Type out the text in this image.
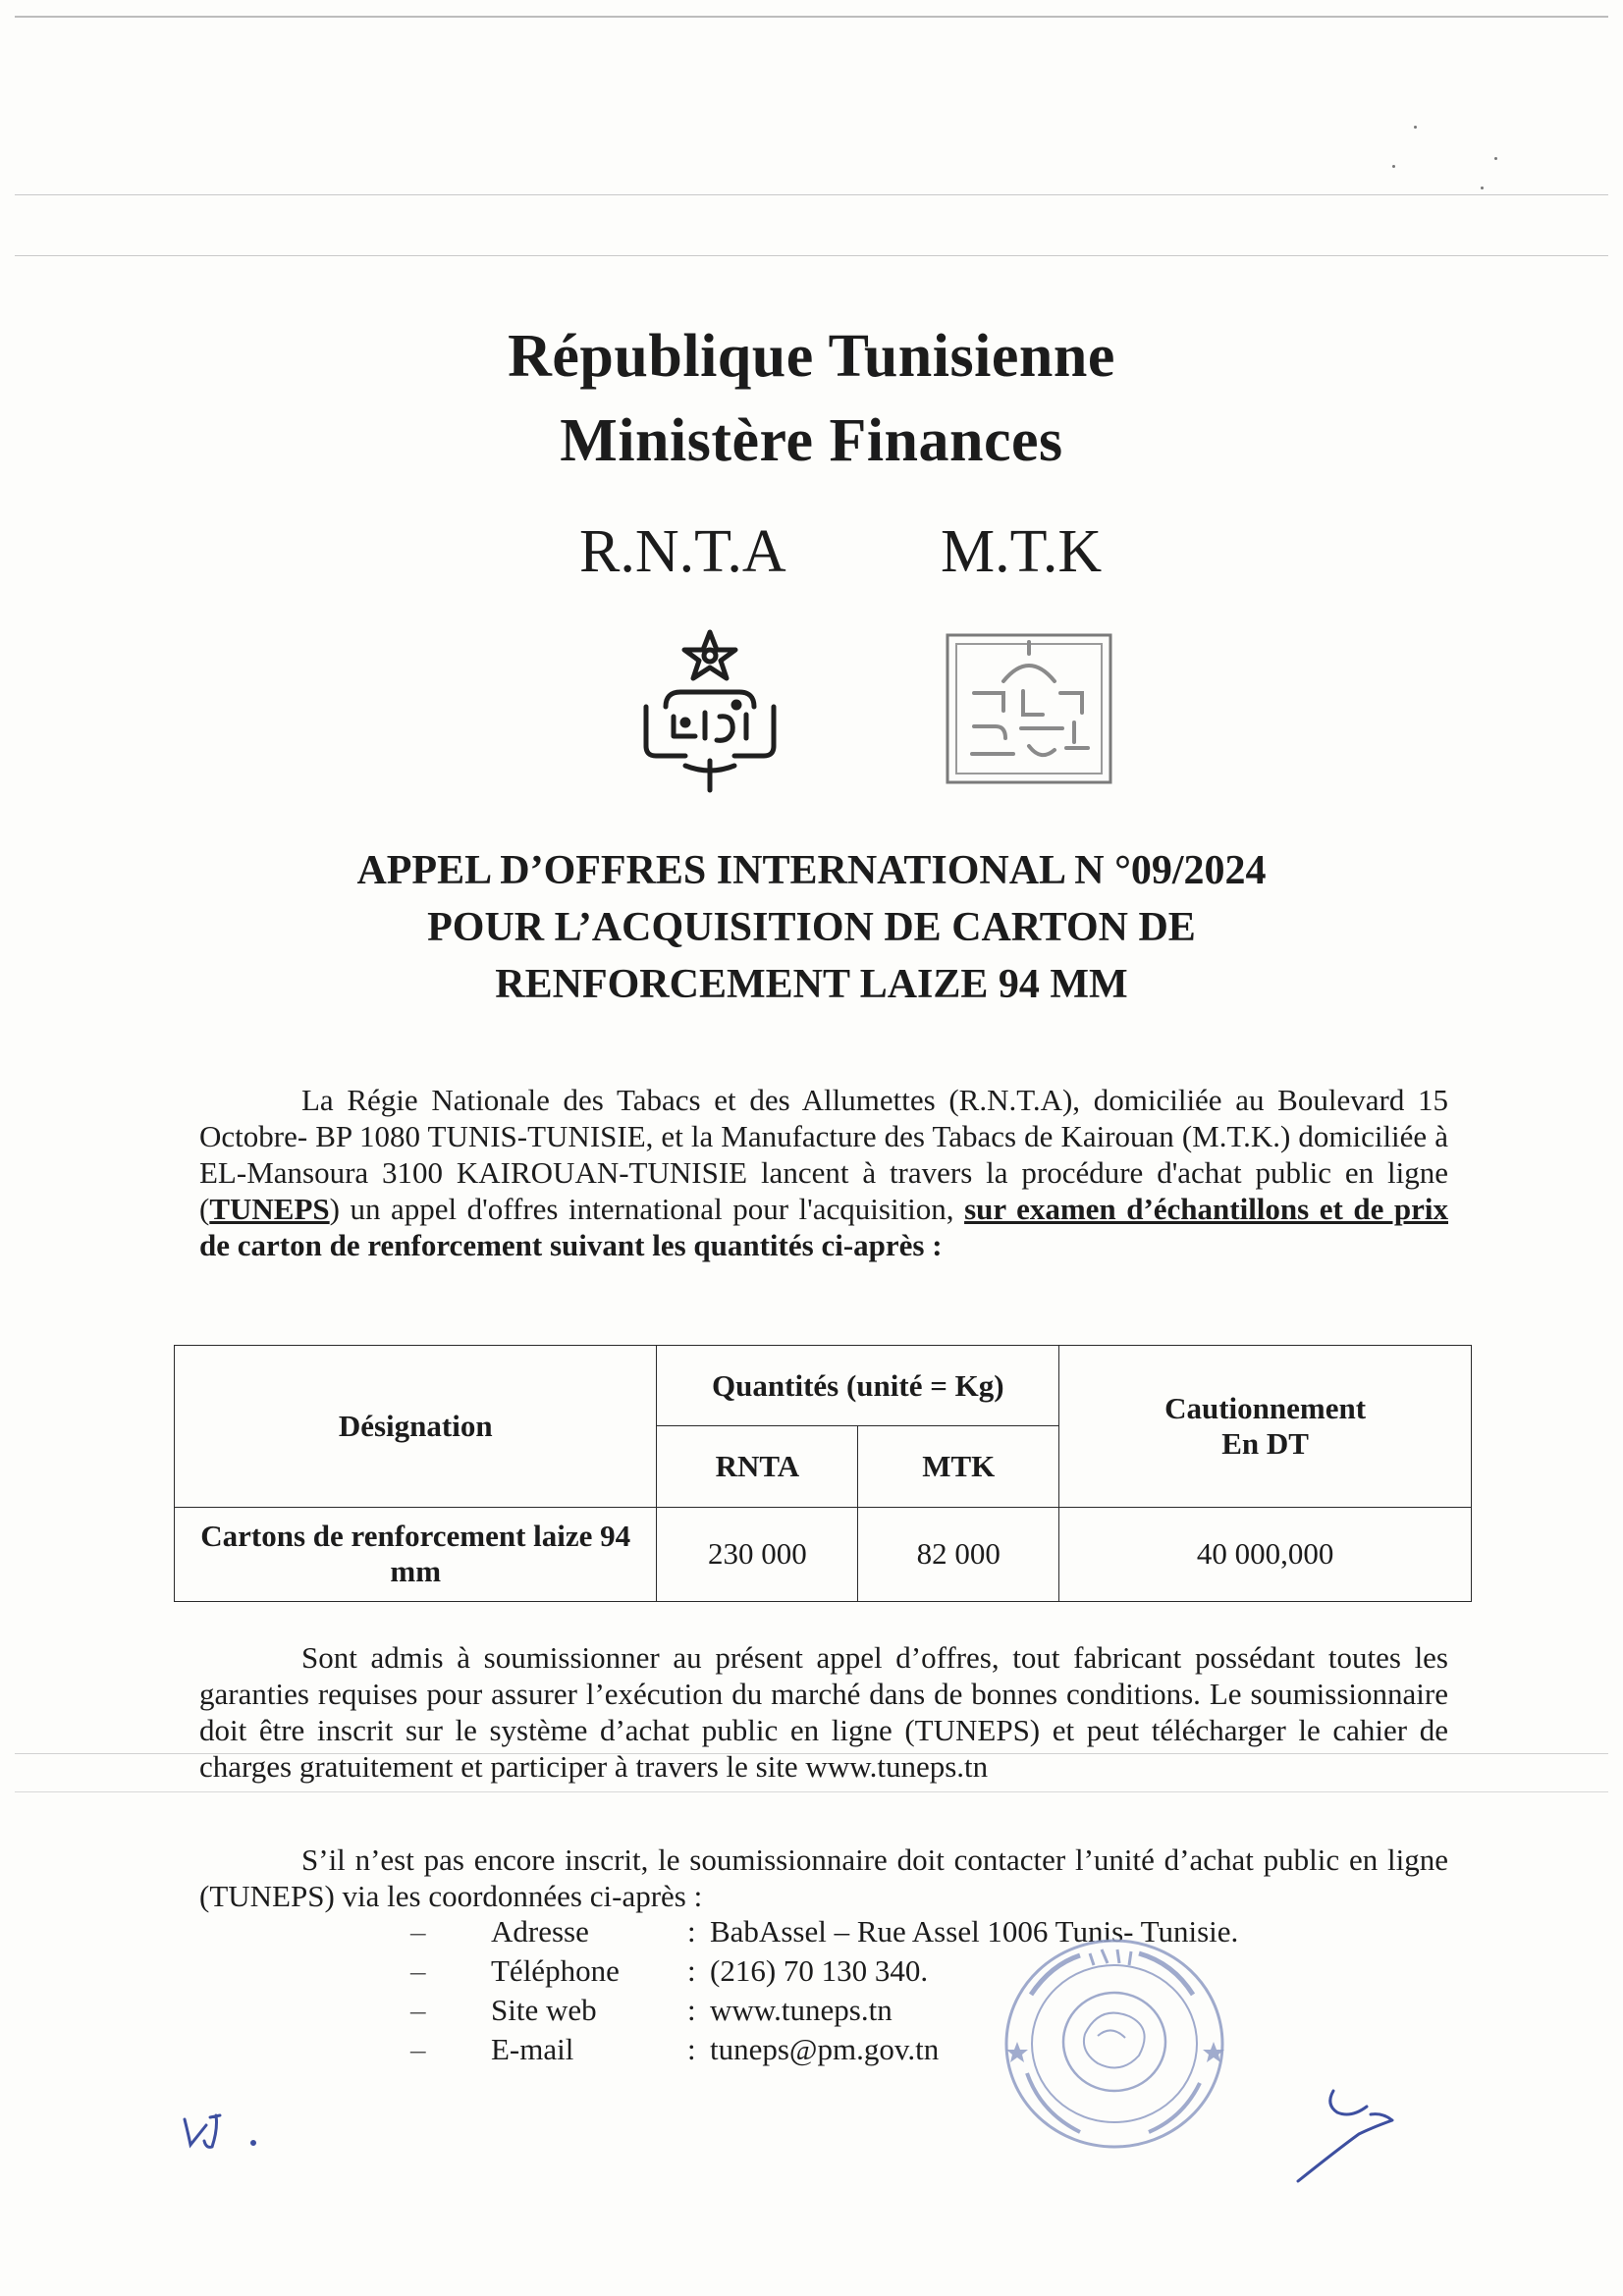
République Tunisienne
Ministère Finances
R.N.T.A	M.T.K
APPEL D’OFFRES INTERNATIONAL N °09/2024
POUR L’ACQUISITION DE CARTON DE
RENFORCEMENT LAIZE 94 MM
La Régie Nationale des Tabacs et des Allumettes (R.N.T.A), domiciliée au Boulevard 15 Octobre- BP 1080 TUNIS-TUNISIE, et la Manufacture des Tabacs de Kairouan (M.T.K.) domiciliée à EL-Mansoura 3100 KAIROUAN-TUNISIE lancent à travers la procédure d'achat public en ligne (TUNEPS) un appel d'offres international pour l'acquisition, sur examen d’échantillons et de prix de carton de renforcement suivant les quantités ci-après :
Désignation	Quantités (unité = Kg)		Cautionnement
En DT

	RNTA	MTK	
Cartons de renforcement laize 94 mm	230 000	82 000	40 000,000
Sont admis à soumissionner au présent appel d’offres, tout fabricant possédant toutes les garanties requises pour assurer l’exécution du marché dans de bonnes conditions. Le soumissionnaire doit être inscrit sur le système d’achat public en ligne (TUNEPS) et peut télécharger le cahier de charges gratuitement et participer à travers le site www.tuneps.tn
S’il n’est pas encore inscrit, le soumissionnaire doit contacter l’unité d’achat public en ligne (TUNEPS) via les coordonnées ci-après :
– Adresse	: BabAssel – Rue Assel 1006 Tunis- Tunisie.
– Téléphone : (216) 70 130 340.
– Site web	: www.tuneps.tn
– E-mail	: tuneps@pm.gov.tn
